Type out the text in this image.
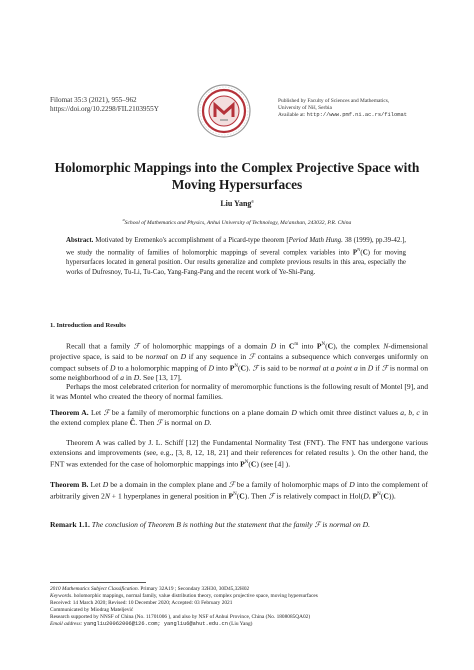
Filomat 35:3 (2021), 955–962
https://doi.org/10.2298/FIL2103955Y
Published by Faculty of Sciences and Mathematics,
University of Niš, Serbia
Available at: http://www.pmf.ni.ac.rs/filomat
Holomorphic Mappings into the Complex Projective Space with
Moving Hypersurfaces
Liu Yang$^a$
$^a$School of Mathematics and Physics, Anhui University of Technology, Ma'anshan, 243032, P.R. China
Abstract. Motivated by Eremenko's accomplishment of a Picard-type theorem [Period Math Hung. 38 (1999), pp.39-42.], we study the normality of families of holomorphic mappings of several complex variables into $P^N(C)$ for moving hypersurfaces located in general position. Our results generalize and complete previous results in this area, especially the works of Dufresnoy, Tu-Li, Tu-Cao, Yang-Fang-Pang and the recent work of Ye-Shi-Pang.
1. Introduction and Results
Recall that a family ℱ of holomorphic mappings of a domain D in $C^m$ into $P^N(C)$, the complex N-dimensional projective space, is said to be normal on D if any sequence in ℱ contains a subsequence which converges uniformly on compact subsets of D to a holomorphic mapping of D into $P^N(C)$. ℱ is said to be normal at a point a in D if ℱ is normal on some neighborhood of a in D. See [13, 17].
Perhaps the most celebrated criterion for normality of meromorphic functions is the following result of Montel [9], and it was Montel who created the theory of normal families.
Theorem A. Let ℱ be a family of meromorphic functions on a plane domain D which omit three distinct values a, b, c in the extend complex plane Ĉ. Then ℱ is normal on D.
Theorem A was called by J. L. Schiff [12] the Fundamental Normality Test (FNT). The FNT has undergone various extensions and improvements (see, e.g., [3, 8, 12, 18, 21] and their references for related results ). On the other hand, the FNT was extended for the case of holomorphic mappings into $P^N(C)$ (see [4] ).
Theorem B. Let D be a domain in the complex plane and ℱ be a family of holomorphic maps of D into the complement of arbitrarily given 2N + 1 hyperplanes in general position in $P^N(C)$. Then ℱ is relatively compact in Hol(D, $P^N(C)$).
Remark 1.1. The conclusion of Theorem B is nothing but the statement that the family ℱ is normal on D.
2010 Mathematics Subject Classification. Primary 32A19 ; Secondary 32H30, 30D45,32H02
Keywords. holomorphic mappings, normal family, value distribution theory, complex projective space, moving hypersurfaces
Received: 14 March 2020; Revised: 10 December 2020; Accepted: 03 February 2021
Communicated by Miodrag Mateljević
Research supported by NNSF of China (No. 11701006 ), and also by NSF of Anhui Province, China (No. 1808085QA02)
Email address: yangliu20062006@126.com; yangliu6@ahut.edu.cn (Liu Yang)
